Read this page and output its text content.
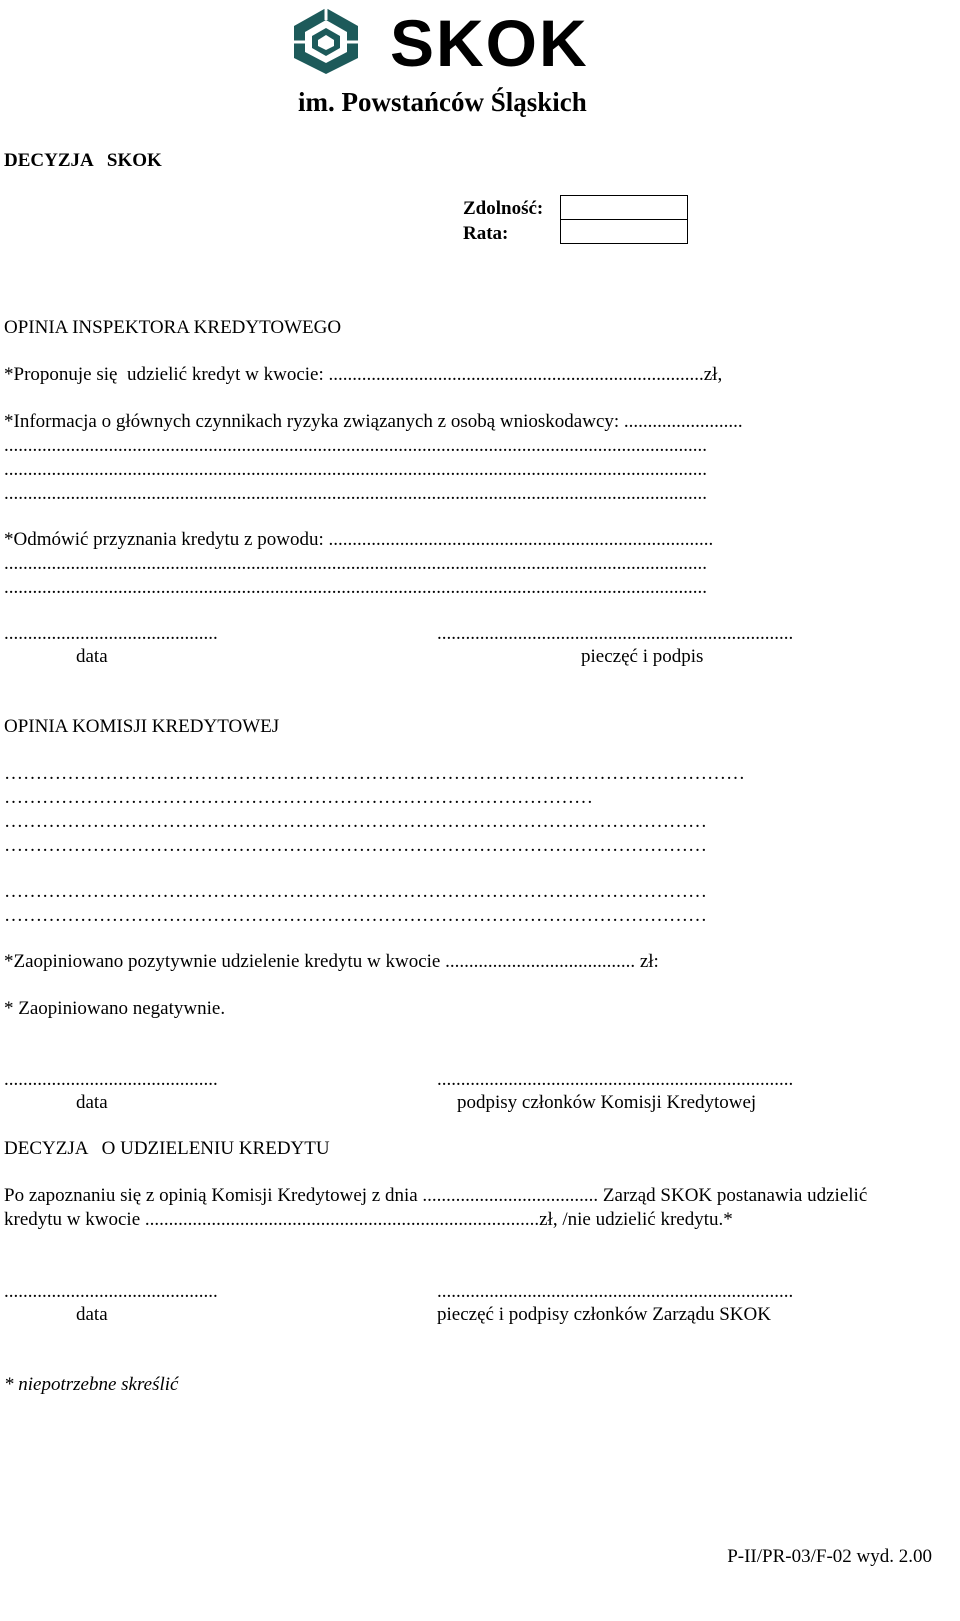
SKOK

im. Powstańców Śląskich
DECYZJA   SKOK
Zdolność:
Rata:
OPINIA INSPEKTORA KREDYTOWEGO
*Proponuje się  udzielić kredyt w kwocie: ...............................................................................zł,
*Informacja o głównych czynnikach ryzyka związanych z osobą wnioskodawcy: .........................
....................................................................................................................................................
....................................................................................................................................................
....................................................................................................................................................
*Odmówić przyznania kredytu z powodu: .................................................................................
....................................................................................................................................................
....................................................................................................................................................
.............................................	...........................................................................
data	pieczęć i podpis
OPINIA KOMISJI KREDYTOWEJ
………………………………………………………………………………………………………
…………………………………………………………………………………
…………………………………………………………………………………………………
…………………………………………………………………………………………………
…………………………………………………………………………………………………
…………………………………………………………………………………………………
*Zaopiniowano pozytywnie udzielenie kredytu w kwocie ........................................ zł:
* Zaopiniowano negatywnie.
.............................................	...........................................................................
data	podpisy członków Komisji Kredytowej
DECYZJA   O UDZIELENIU KREDYTU
Po zapoznaniu się z opinią Komisji Kredytowej z dnia ..................................... Zarząd SKOK postanawia udzielić
kredytu w kwocie ...................................................................................zł, /nie udzielić kredytu.*
.............................................	...........................................................................
data	pieczęć i podpisy członków Zarządu SKOK
* niepotrzebne skreślić
P-II/PR-03/F-02 wyd. 2.00
